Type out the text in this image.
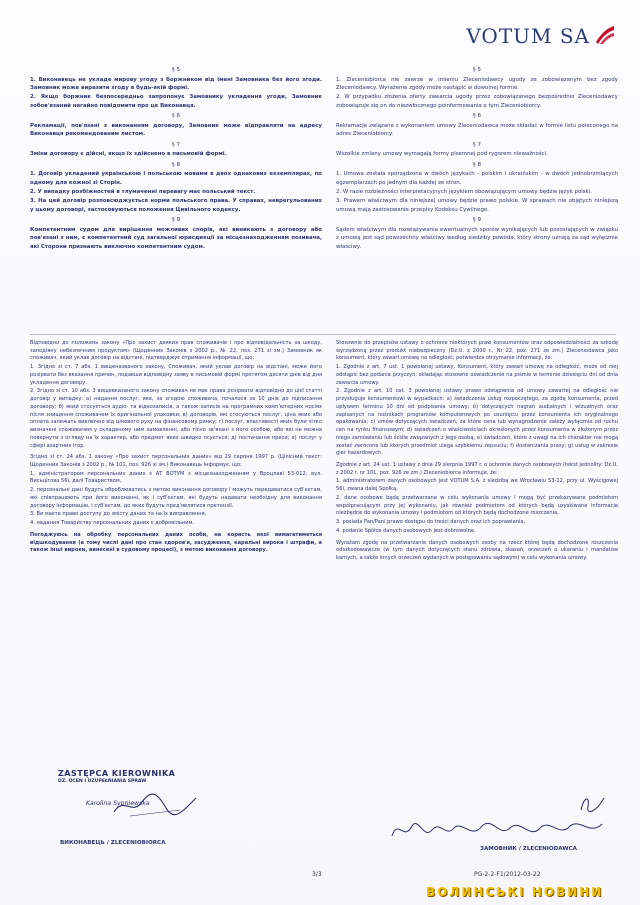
VOTUM SA
§ 5
1. Виконавець не укладе мирову угоду з боржником від імені Замовника без його згоди. Замовник може виразити згоду в будь-якій формі.
2. Якщо боржник безпосередньо запропонує Замовнику укладення угоди, Замовник зобов'язаний негайно повідомити про це Виконавця.
§ 6
Рекламації, пов'язані з виконанням договору, Замовник може відправляти на адресу Виконавця рекомендованим листом.
§ 7
Зміни договору є дійсні, якщо їх здійснено в письмовій формі.
§ 8
1. Договір укладений українською і польською мовами в двох однакових екземплярах, по одному для кожної зі Сторін.
2. У випадку розбіжностей в тлумаченні перевагу має польський текст.
3. На цей договір розповсюджується норми польського права. У справах, неврегульованих у цьому договорі, застосовуються положення Цивільного кодексу.
§ 9
Компетентним судом для вирішення можливих спорів, які виникають з договору або пов'язані з ним, є компетентний суд загальної юрисдикції за місцезнаходженням позивача, які Сторони признають виключно компетентним судом.
§ 5
1. Zleceniobiorca nie zawrze w imieniu Zleceniodawcy ugody ze zobowiązanym bez zgody Zleceniodawcy. Wyrażenie zgody może nastąpić w dowolnej formie.
2. W przypadku złożenia oferty zawarcia ugody przez zobowiązanego bezpośrednio Zleceniodawcy zobowiązuje się on do niezwłocznego poinformowania o tym Zleceniobiorcy.
§ 6
Reklamacje związane z wykonaniem umowy Zleceniodawca może składać w formie listu poleconego na adres Zleceniobiorcy.
§ 7
Wszelkie zmiany umowy wymagają formy pisemnej pod rygorem nieważności.
§ 8
1. Umowa została sporządzona w dwóch językach - polskim i ukraińskim - w dwóch jednobrzmiących egzemplarzach po jednym dla każdej ze stron.
2. W razie rozbieżności interpretacyjnych językiem obowiązującym umowy będzie język polski.
3. Prawem właściwym dla niniejszej umowy będzie prawo polskie. W sprawach nie objętych niniejszą umową mają zastosowanie przepisy Kodeksu Cywilnego.
§ 9
Sądem właściwym dla rozwiązywania ewentualnych sporów wynikających lub pozostających w związku z umową jest sąd powszechny właściwy według siedziby powoda, który strony uznają za sąd wyłącznie właściwy.
Відповідно до положень закону «Про захист деяких прав споживачів і про відповідальність за шкоду, заподіяну небезпечним продуктом» (Щоденник Законів з 2002 р., № 22, поз. 271 зі зм.) Замовник як споживач, який уклав договір на відстані, підтверджує отримання інформації, що:
1. Згідно зі ст. 7 абз. 1 вищеназваного закону, Споживач, який уклав договір на відстані, може його розірвати без вказання причин, подавши відповідну заяву в письмовій формі протягом десяти днів від дня укладення договору.
2. Згідно зі ст. 10 абз. 3 вищевказаного закону споживач не має права розірвати відповідно до цієї статті договір у випадку: а) надання послуг, яке, за згодою споживача, почалося за 10 днів до підписання договору; б) який стосується аудіо- та відеозаписів, а також записів на програмних комп'ютерних носіях після знищення споживачем їх оригінальної упаковки; в) договорів, які стосуються послуг, ціна яких або оплата залежать виключно від цінового руху на фінансовому ринку; г) послуг, властивості яких були чітко визначені споживачем у складеному ним замовленні, або тісно зв'язані з його особою, або які не можна повернути з огляду на їх характер, або предмет яких швидко псується; д) постачання преси; е) послуг у сфері азартних ігор.
Згідно зі ст. 24 абз. 1 закону «Про захист персональних даних» від 29 серпня 1997 р. (Цілісний текст: Щоденник Законів з 2002 р., № 101, поз. 926 зі зм.) Виконавець інформує, що:
1. адміністратором персональних даних є АТ ВОТУМ з місцезнаходженням у Вроцлаві 53-012, вул. Висьцігова 56і, далі Товариством,
2. персональні дані будуть оброблюватись з метою виконання договору і можуть передаватися суб'єктам, які співпрацюють при його виконанні, як і суб'єктам, які будуть надавати необхідну для виконання договору інформацію, і суб'єктам, до яких будуть пред'являтися претензії.
3. Ви маєте право доступу до змісту даних та на їх виправлення,
4. надання Товариству персональних даних є добровільним.
Погоджуюсь на обробку персональних даних особи, на користь якої вимагатиметься відшкодування (а тому числі дані про стан здоров'я, засудження, каральні вироки і штрафи, а також інші вироки, винесені в судовому процесі), з метою виконання договору.
Stosownie do przepisów ustawy o ochronie niektórych praw konsumentów oraz odpowiedzialności za szkodę wyrządzoną przez produkt niebezpieczny (Dz.U. z 2000 r., Nr 22, poz. 271 ze zm.) Zleceniodawca jako konsument, który zawarł umowę na odległość, potwierdza otrzymanie informacji, że:
1. Zgodnie z art. 7 ust. 1 powołanej ustawy, Konsument, który zawarł umowę na odległość, może od niej odstąpić bez podania przyczyn, składając stosowne oświadczenie na piśmie w terminie dziesięciu dni od dnia zawarcia umowy.
2. Zgodnie z art. 10 ust. 3 powołanej ustawy prawo odstąpienia od umowy zawartej na odległość nie przysługuje konsumentowi w wypadkach: a) świadczenia usług rozpoczętego, za zgodą konsumenta, przed upływem terminu 10 dni od podpisania umowy; b) dotyczących nagrań audialnych i wizualnych oraz zapisanych na nośnikach programów komputerowych po usunięciu przez konsumenta ich oryginalnego opakowania; c) umów dotyczących świadczeń, za które cena lub wynagrodzenie zależy wyłącznie od ruchu cen na rynku finansowym; d) świadczeń o właściwościach określonych przez konsumenta w złożonym przez niego zamówieniu lub ściśle związanych z jego osobą, e) świadczeń, które z uwagi na ich charakter nie mogą zostać zwrócone lub których przedmiot ulega szybkiemu zepsuciu; f) dostarczania prasy; g) usług w zakresie gier hazardowych.
Zgodnie z art. 24 ust. 1 ustawy z dnia 29 sierpnia 1997 r. o ochronie danych osobowych (tekst jednolity: Dz.U. z 2002 r. nr 101, poz. 926 ze zm.) Zleceniobiorca informuje, że:
1. administratorem danych osobowych jest VOTUM S.A. z siedzibą we Wrocławiu 53-12, przy ul. Wyścigowej 56i, zwana dalej Spółką,
2. dane osobowe będą przetwarzane w celu wykonania umowy i mogą być przekazywane podmiotom współpracującym przy jej wykonaniu, jak również podmiotom od których będą uzyskiwane informacje niezbędne do wykonania umowy i podmiotom od których będą dochodzone roszczenia,
3. posiada Pan/Pani prawo dostępu do treści danych oraz ich poprawiania,
4. podanie Spółce danych osobowych jest dobrowolne.
Wyrażam zgodę na przetwarzanie danych osobowych osoby na rzecz której będą dochodzone roszczenia odszkodowawcze (w tym danych dotyczących stanu zdrowia, skazań, orzeczeń o ukaraniu i mandatów karnych, a także innych orzeczeń wydanych w postępowaniu sądowym) w celu wykonania umowy.
ZASTĘPCA KIEROWNIKA
DZ. OCEN I UZUPEŁNIANIA SPRAW
Karolina Sypniewska
ВИКОНАВЕЦЬ / ZLECENIOBIORCA
ЗАМОВНИК / ZLECENIODAWCA
3/3	PG-2-2-F1/2012-03-22
ВОЛИНСЬКІ НОВИНИ
